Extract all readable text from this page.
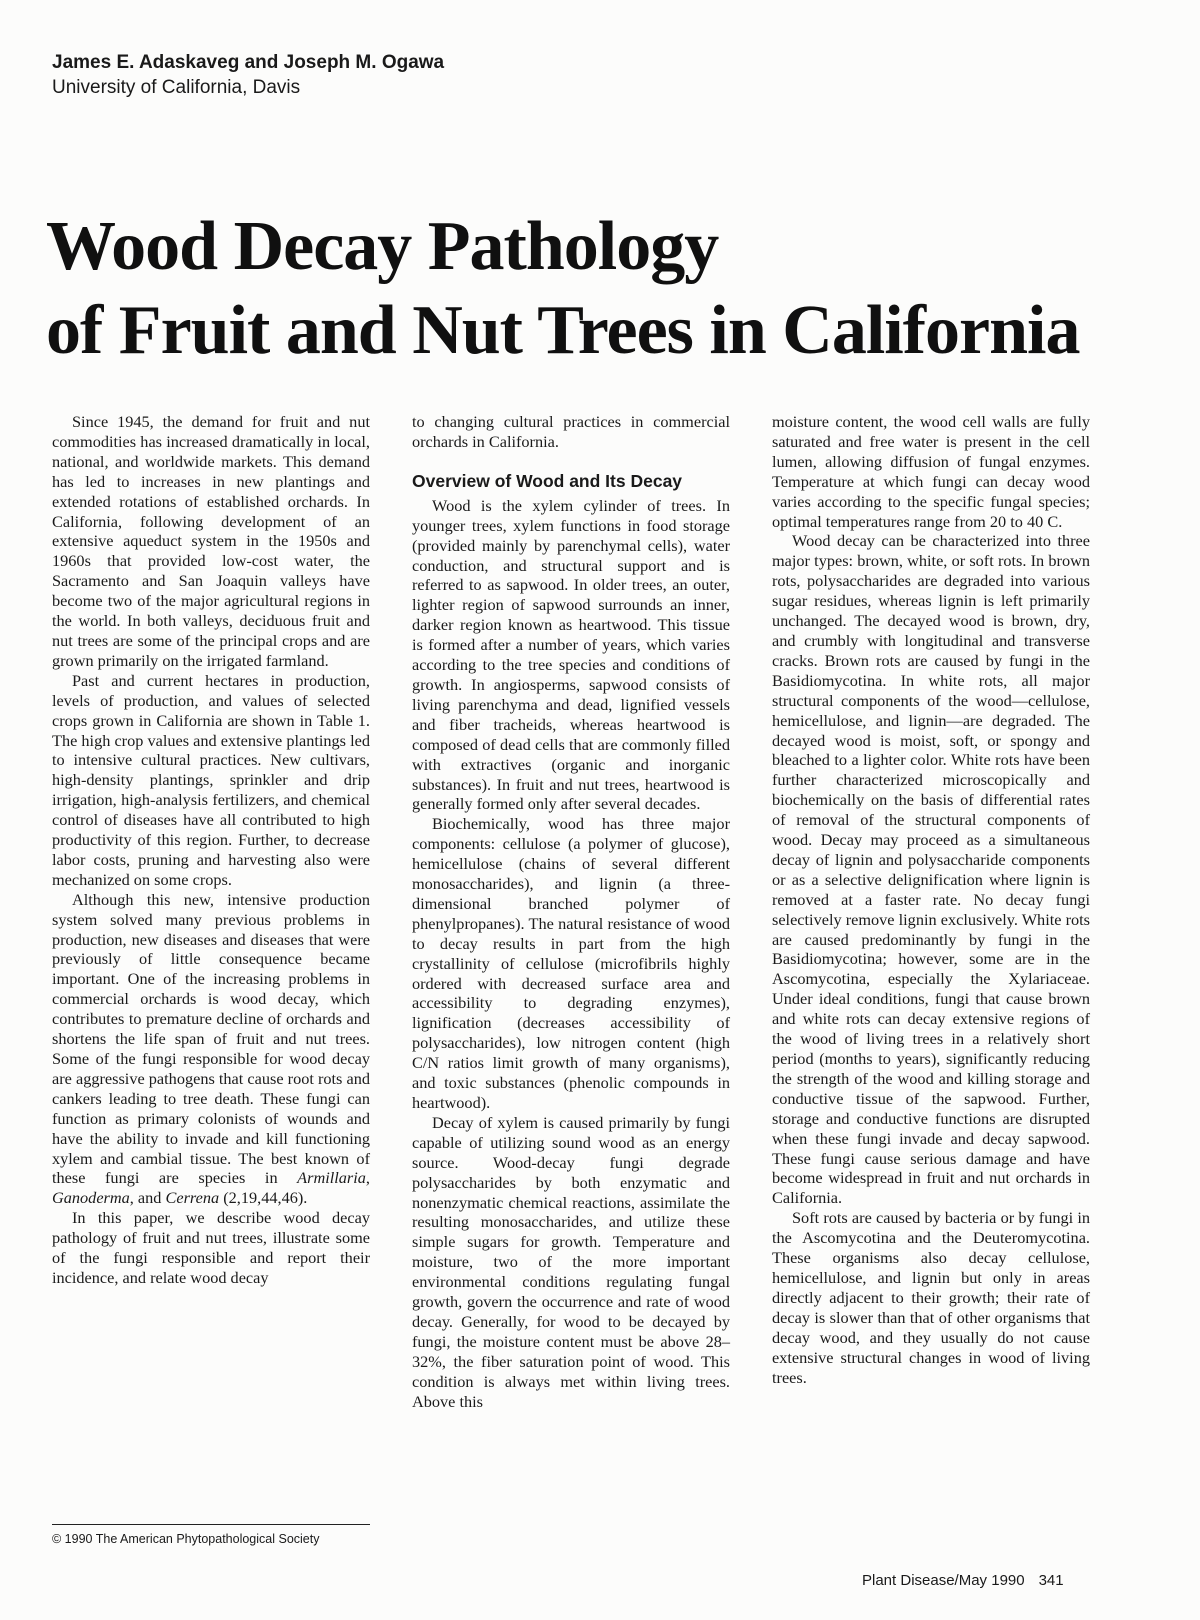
James E. Adaskaveg and Joseph M. Ogawa
University of California, Davis
Wood Decay Pathology
of Fruit and Nut Trees in California

Since 1945, the demand for fruit and nut commodities has increased dramatically in local, national, and worldwide markets. This demand has led to increases in new plantings and extended rotations of established orchards. In California, following development of an extensive aqueduct system in the 1950s and 1960s that provided low-cost water, the Sacramento and San Joaquin valleys have become two of the major agricultural regions in the world. In both valleys, deciduous fruit and nut trees are some of the principal crops and are grown primarily on the irrigated farmland.

Past and current hectares in production, levels of production, and values of selected crops grown in California are shown in Table 1. The high crop values and extensive plantings led to intensive cultural practices. New cultivars, high-density plantings, sprinkler and drip irrigation, high-analysis fertilizers, and chemical control of diseases have all contributed to high productivity of this region. Further, to decrease labor costs, pruning and harvesting also were mechanized on some crops.

Although this new, intensive production system solved many previous problems in production, new diseases and diseases that were previously of little consequence became important. One of the increasing problems in commercial orchards is wood decay, which contributes to premature decline of orchards and shortens the life span of fruit and nut trees. Some of the fungi responsible for wood decay are aggressive pathogens that cause root rots and cankers leading to tree death. These fungi can function as primary colonists of wounds and have the ability to invade and kill functioning xylem and cambial tissue. The best known of these fungi are species in Armillaria, Ganoderma, and Cerrena (2,19,44,46).

In this paper, we describe wood decay pathology of fruit and nut trees, illustrate some of the fungi responsible and report their incidence, and relate wood decay

to changing cultural practices in commercial orchards in California.

Overview of Wood and Its Decay

Wood is the xylem cylinder of trees. In younger trees, xylem functions in food storage (provided mainly by parenchymal cells), water conduction, and structural support and is referred to as sapwood. In older trees, an outer, lighter region of sapwood surrounds an inner, darker region known as heartwood. This tissue is formed after a number of years, which varies according to the tree species and conditions of growth. In angiosperms, sapwood consists of living parenchyma and dead, lignified vessels and fiber tracheids, whereas heartwood is composed of dead cells that are commonly filled with extractives (organic and inorganic substances). In fruit and nut trees, heartwood is generally formed only after several decades.

Biochemically, wood has three major components: cellulose (a polymer of glucose), hemicellulose (chains of several different monosaccharides), and lignin (a three-dimensional branched polymer of phenylpropanes). The natural resistance of wood to decay results in part from the high crystallinity of cellulose (microfibrils highly ordered with decreased surface area and accessibility to degrading enzymes), lignification (decreases accessibility of polysaccharides), low nitrogen content (high C/N ratios limit growth of many organisms), and toxic substances (phenolic compounds in heartwood).

Decay of xylem is caused primarily by fungi capable of utilizing sound wood as an energy source. Wood-decay fungi degrade polysaccharides by both enzymatic and nonenzymatic chemical reactions, assimilate the resulting monosaccharides, and utilize these simple sugars for growth. Temperature and moisture, two of the more important environmental conditions regulating fungal growth, govern the occurrence and rate of wood decay. Generally, for wood to be decayed by fungi, the moisture content must be above 28–32%, the fiber saturation point of wood. This condition is always met within living trees. Above this

moisture content, the wood cell walls are fully saturated and free water is present in the cell lumen, allowing diffusion of fungal enzymes. Temperature at which fungi can decay wood varies according to the specific fungal species; optimal temperatures range from 20 to 40 C.

Wood decay can be characterized into three major types: brown, white, or soft rots. In brown rots, polysaccharides are degraded into various sugar residues, whereas lignin is left primarily unchanged. The decayed wood is brown, dry, and crumbly with longitudinal and transverse cracks. Brown rots are caused by fungi in the Basidiomycotina. In white rots, all major structural components of the wood—cellulose, hemicellulose, and lignin—are degraded. The decayed wood is moist, soft, or spongy and bleached to a lighter color. White rots have been further characterized microscopically and biochemically on the basis of differential rates of removal of the structural components of wood. Decay may proceed as a simultaneous decay of lignin and polysaccharide components or as a selective delignification where lignin is removed at a faster rate. No decay fungi selectively remove lignin exclusively. White rots are caused predominantly by fungi in the Basidiomycotina; however, some are in the Ascomycotina, especially the Xylariaceae. Under ideal conditions, fungi that cause brown and white rots can decay extensive regions of the wood of living trees in a relatively short period (months to years), significantly reducing the strength of the wood and killing storage and conductive tissue of the sapwood. Further, storage and conductive functions are disrupted when these fungi invade and decay sapwood. These fungi cause serious damage and have become widespread in fruit and nut orchards in California.

Soft rots are caused by bacteria or by fungi in the Ascomycotina and the Deuteromycotina. These organisms also decay cellulose, hemicellulose, and lignin but only in areas directly adjacent to their growth; their rate of decay is slower than that of other organisms that decay wood, and they usually do not cause extensive structural changes in wood of living trees.

© 1990 The American Phytopathological Society
Plant Disease/May 1990 341
